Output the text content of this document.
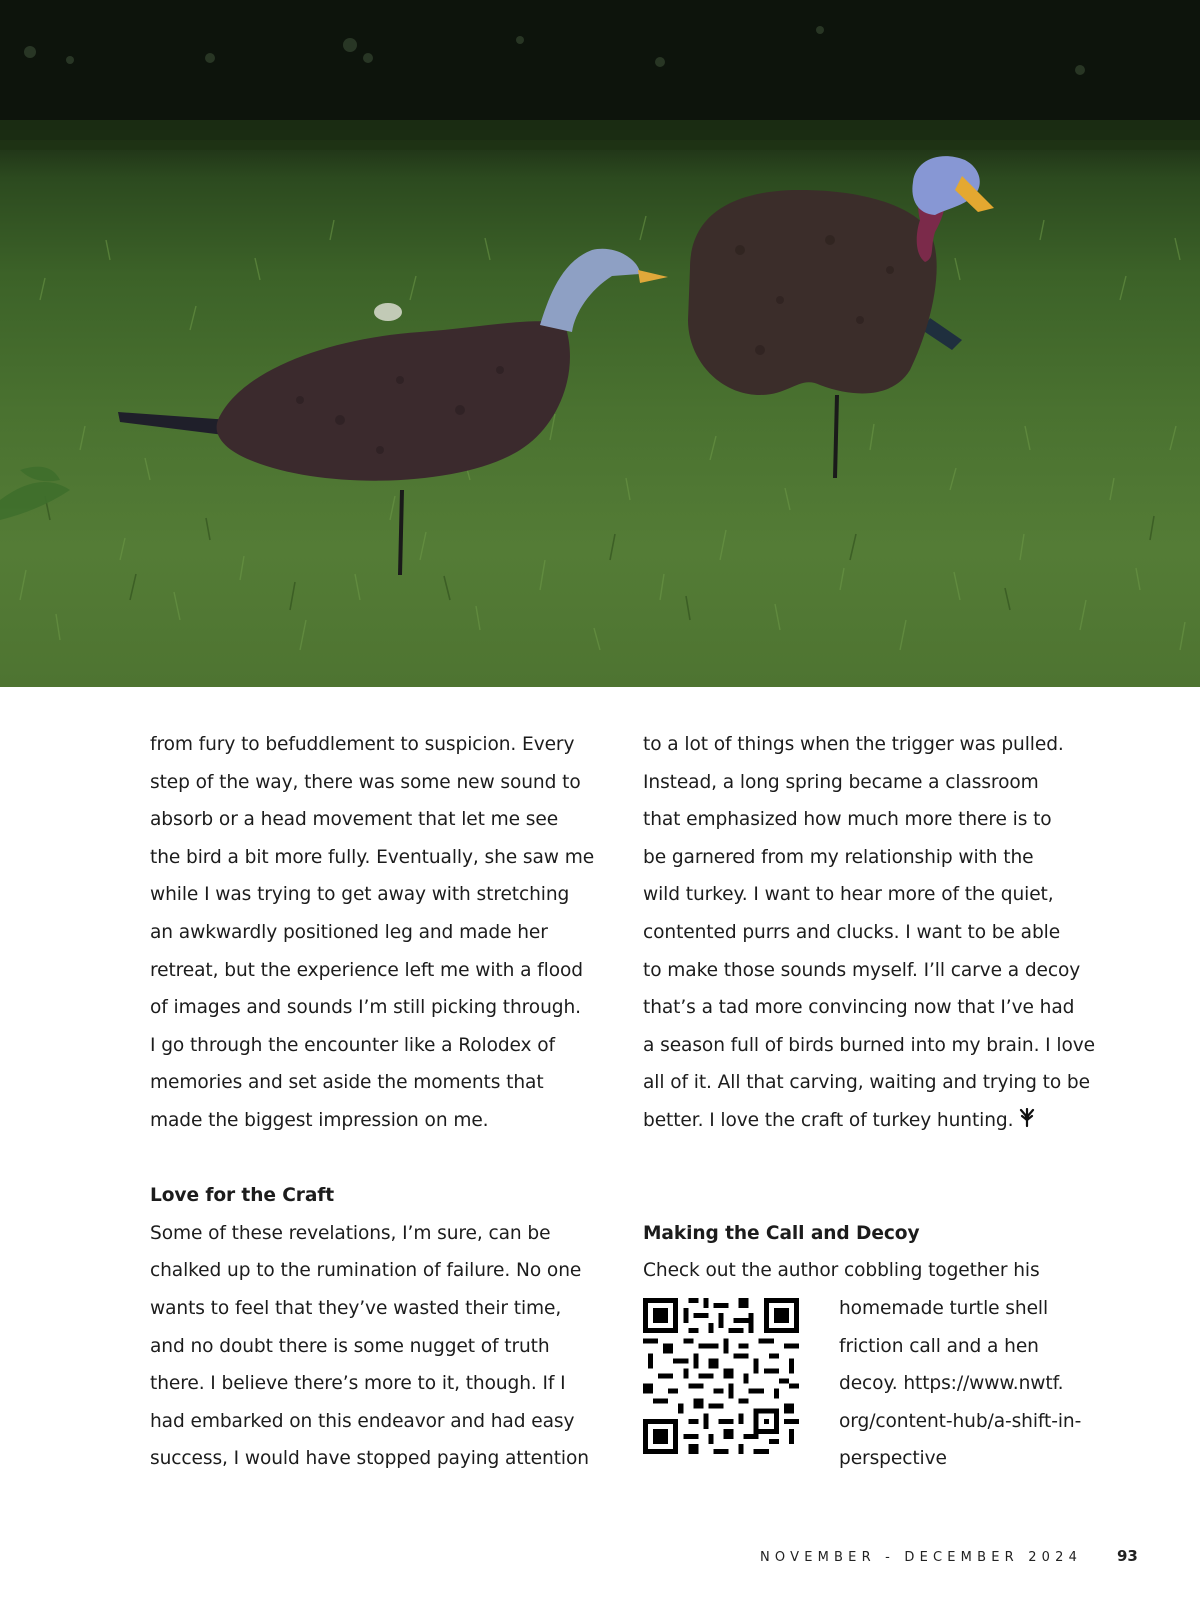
from fury to befuddlement to suspicion. Every

step of the way, there was some new sound to

absorb or a head movement that let me see

the bird a bit more fully. Eventually, she saw me

while I was trying to get away with stretching

an awkwardly positioned leg and made her

retreat, but the experience left me with a flood

of images and sounds I’m still picking through.

I go through the encounter like a Rolodex of

memories and set aside the moments that

made the biggest impression on me.

Love for the Craft

Some of these revelations, I’m sure, can be

chalked up to the rumination of failure. No one

wants to feel that they’ve wasted their time,

and no doubt there is some nugget of truth

there. I believe there’s more to it, though. If I

had embarked on this endeavor and had easy

success, I would have stopped paying attention

to a lot of things when the trigger was pulled.

Instead, a long spring became a classroom

that emphasized how much more there is to

be garnered from my relationship with the

wild turkey. I want to hear more of the quiet,

contented purrs and clucks. I want to be able

to make those sounds myself. I’ll carve a decoy

that’s a tad more convincing now that I’ve had

a season full of birds burned into my brain. I love

all of it. All that carving, waiting and trying to be

better. I love the craft of turkey hunting.

Making the Call and Decoy

Check out the author cobbling together his

homemade turtle shell

friction call and a hen

decoy. https://www.nwtf.

org/content-hub/a-shift-in-

perspective

NOVEMBER - DECEMBER 2024 93
